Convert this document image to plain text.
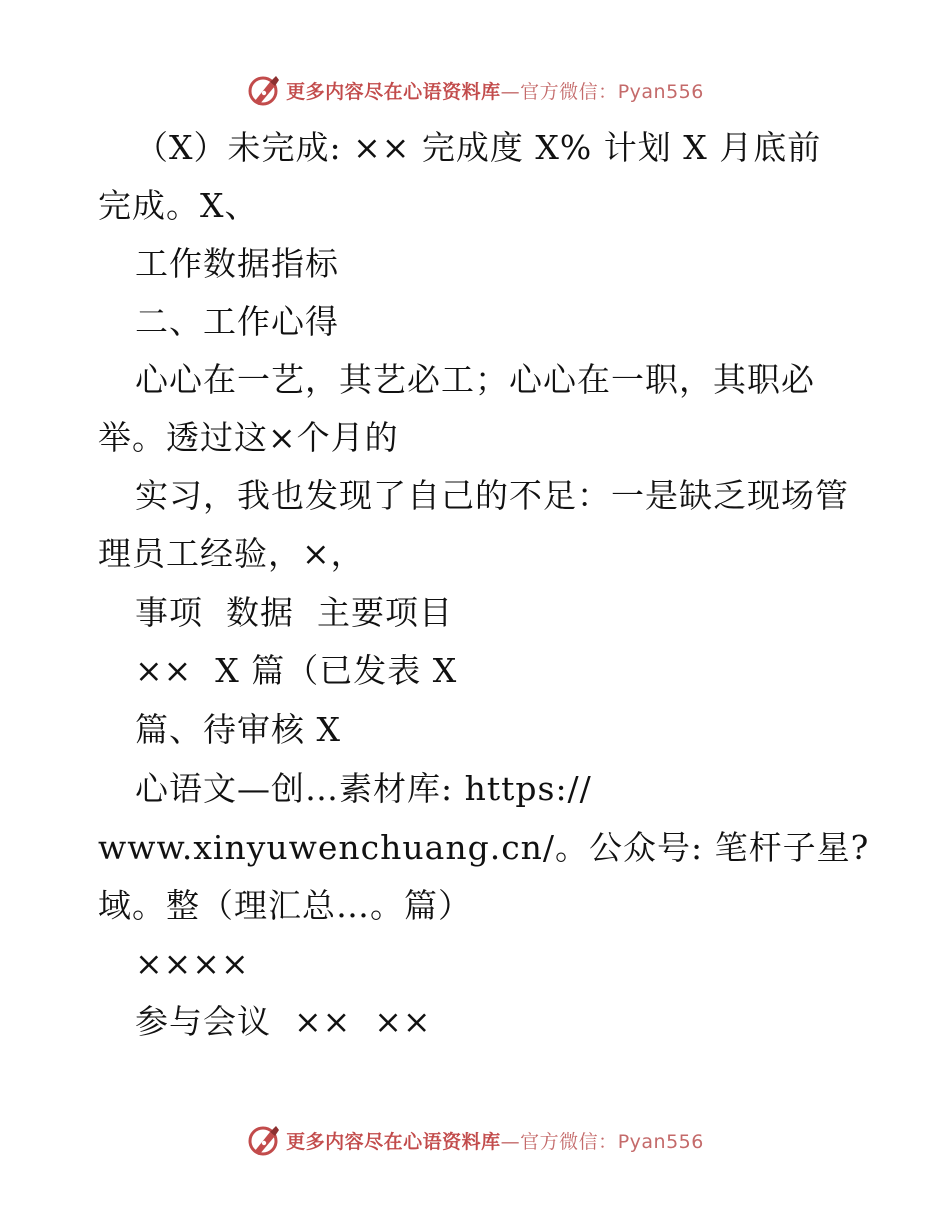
更多内容尽在心语资料库—官方微信：Pyan556
（X）未完成: ×× 完成度 X% 计划 X 月底前
完成。X、
工作数据指标
二、工作心得
心心在一艺，其艺必工；心心在一职，其职必
举。透过这×个月的
实习，我也发现了自己的不足：一是缺乏现场管
理员工经验，×，
事项  数据  主要项目
××  X 篇（已发表 X
篇、待审核 X
心语文—创…素材库: https://
www.xinyuwenchuang.cn/。公众号: 笔杆子星?
域。整（理汇总…。篇）
××××
参与会议  ××  ××
更多内容尽在心语资料库—官方微信：Pyan556
